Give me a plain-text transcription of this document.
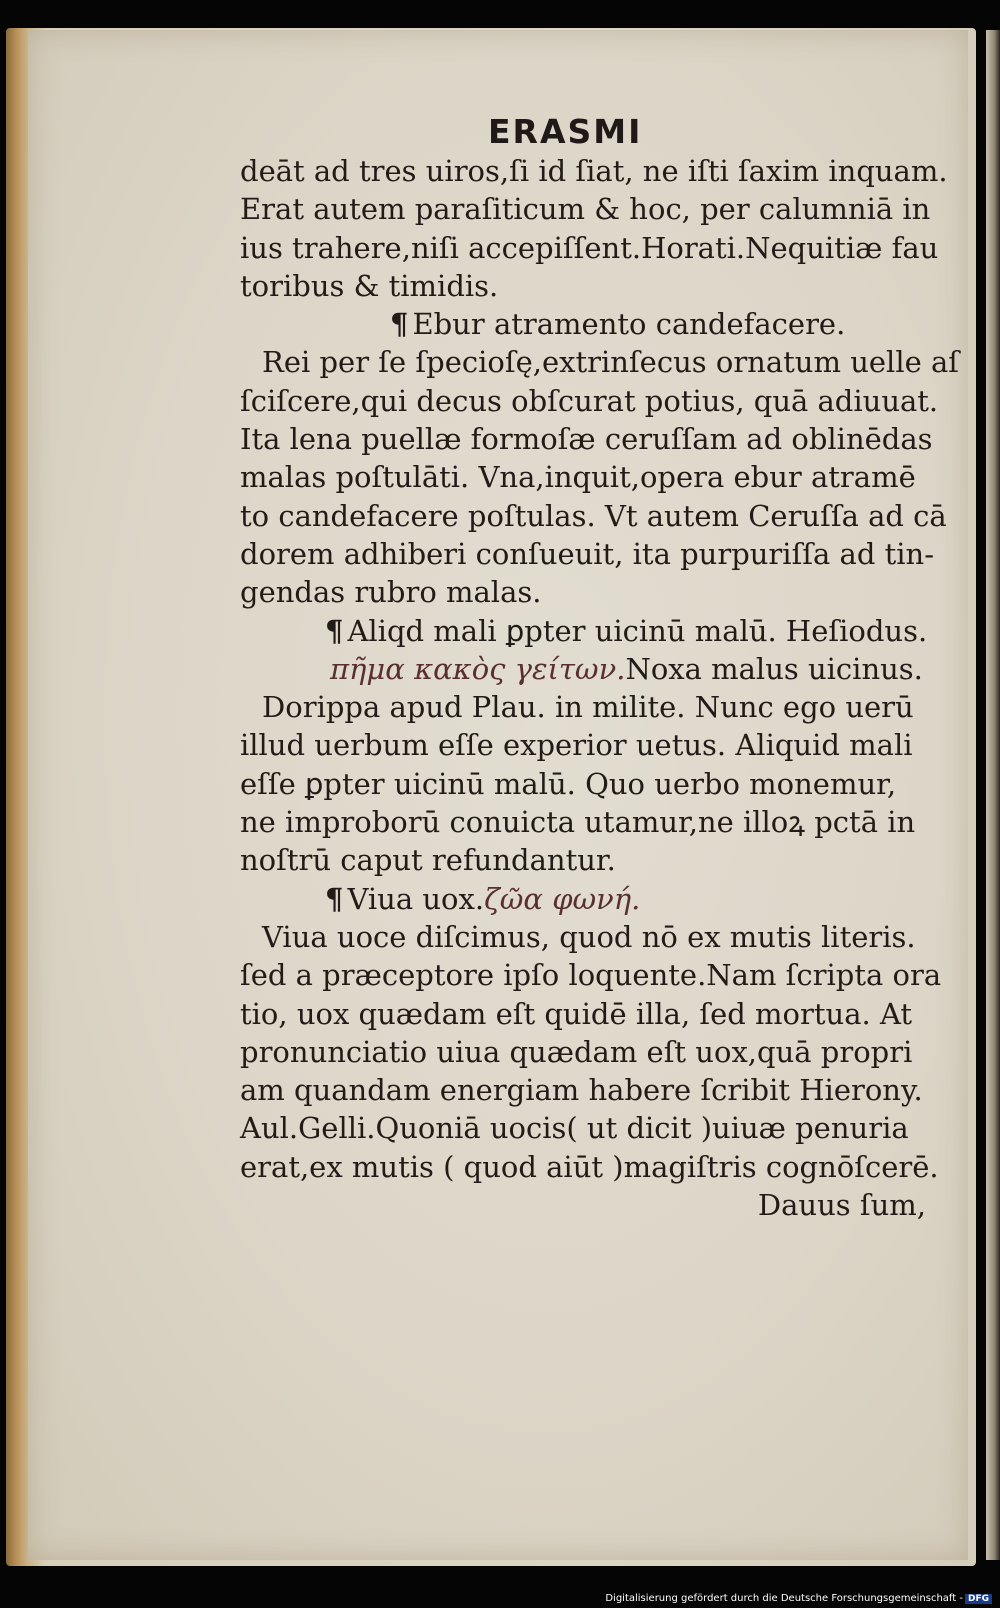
ERASMI
deāt ad tres uiros,ſi id ſiat, ne iſti ſaxim inquam.
Erat autem paraſiticum & hoc, per calumniā in
ius trahere,niſi accepiſſent.Horati.Nequitiæ fau
toribus & timidis.
¶ Ebur atramento candefacere.
Rei per ſe ſpecioſę,extrinſecus ornatum uelle aſ
ſciſcere,qui decus obſcurat potius, quā adiuuat.
Ita lena puellæ formoſæ ceruſſam ad oblinēdas
malas poſtulāti. Vna,inquit,opera ebur atramē
to candefacere poſtulas. Vt autem Ceruſſa ad cā
dorem adhiberi conſueuit, ita purpuriſſa ad tin-
gendas rubro malas.
¶ Aliqd mali ꝑpter uicinū malū. Heſiodus.
πῆμα κακὸς γείτων.Noxa malus uicinus.
Dorippa apud Plau. in milite. Nunc ego uerū
illud uerbum eſſe experior uetus. Aliquid mali
eſſe ꝑpter uicinū malū. Quo uerbo monemur,
ne improborū conuicta utamur,ne illoꝝ pctā in
noſtrū caput refundantur.
¶ Viua uox.ζῶα φωνή.
Viua uoce diſcimus, quod nō ex mutis literis.
ſed a præceptore ipſo loquente.Nam ſcripta ora
tio, uox quædam eſt quidē illa, ſed mortua. At
pronunciatio uiua quædam eſt uox,quā propri
am quandam energiam habere ſcribit Hierony.
Aul.Gelli.Quoniā uocis( ut dicit )uiuæ penuria
erat,ex mutis ( quod aiūt )magiſtris cognōſcerē.
Dauus ſum,
Digitalisierung gefördert durch die Deutsche Forschungsgemeinschaft - DFG
